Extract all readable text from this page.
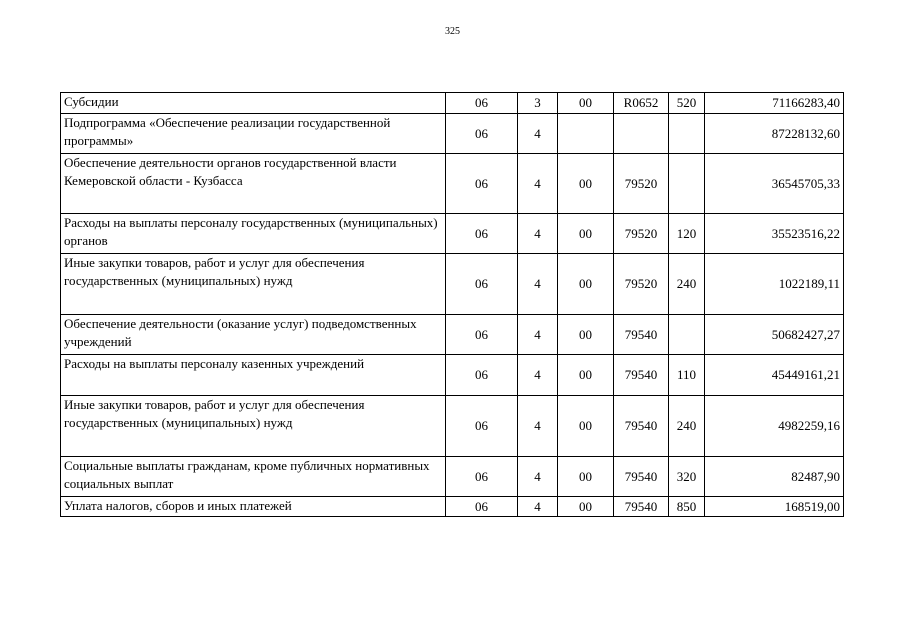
325
Субсидии	06	3	00	R0652	520	71166283,40
Подпрограмма «Обеспечение реализации государственной программы»	06	4				87228132,60
Обеспечение деятельности органов государственной власти Кемеровской области - Кузбасса	06	4	00	79520		36545705,33
Расходы на выплаты персоналу государственных (муниципальных) органов	06	4	00	79520	120	35523516,22
Иные закупки товаров, работ и услуг для обеспечения государственных (муниципальных) нужд	06	4	00	79520	240	1022189,11
Обеспечение деятельности (оказание услуг) подведомственных учреждений	06	4	00	79540		50682427,27
Расходы на выплаты персоналу казенных учреждений	06	4	00	79540	110	45449161,21
Иные закупки товаров, работ и услуг для обеспечения государственных (муниципальных) нужд	06	4	00	79540	240	4982259,16
Социальные выплаты гражданам, кроме публичных нормативных социальных выплат	06	4	00	79540	320	82487,90
Уплата налогов, сборов и иных платежей	06	4	00	79540	850	168519,00
